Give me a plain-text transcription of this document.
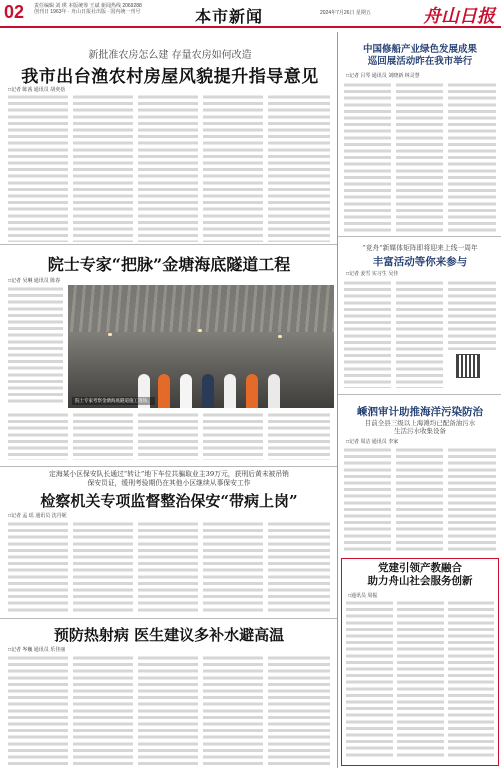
02 责任编辑 刘 瑛 本版统筹 王斌 新闻热线 2069288
创刊日 1963年 · 舟山日报社出版 · 国内统一刊号	本市新闻	2024年7月26日 星期五	舟山日报
新批准农房怎么建 存量农房如何改造
我市出台渔农村房屋风貌提升指导意见
□记者 陈茜 通讯员 胡奕蓓
中国修船产业绿色发展成果
巡回展活动昨在我市举行
□记者 吕琴 通讯员 刘晓新 林灵慧
院士专家“把脉”金塘海底隧道工程
□记者 吴琳 通讯员 陈春
院士专家考察金塘海底隧道施工现场。
“竞舟”新媒体矩阵即将迎来上线一周年
丰富活动等你来参与
□记者 姜雪 实习生 吴佳
嵊泗审计助推海洋污染防治
目前全县三级以上海滩均已配备油污水
生活污水收集设备
□记者 周洁 通讯员 李家
定海某小区保安队长通过“转让”地下车位共骗取业主39万元，获刑后黄未被吊销
保安员证，缓刑考验期仍在其他小区继续从事保安工作
检察机关专项监督整治保安“带病上岗”
□记者 孟 瑶 通讯员 沈丹妮
党建引领产教融合
助力舟山社会服务创新
□通讯员 周振
预防热射病 医生建议多补水避高温
□记者 岑巍 通讯员 乐佳丽
